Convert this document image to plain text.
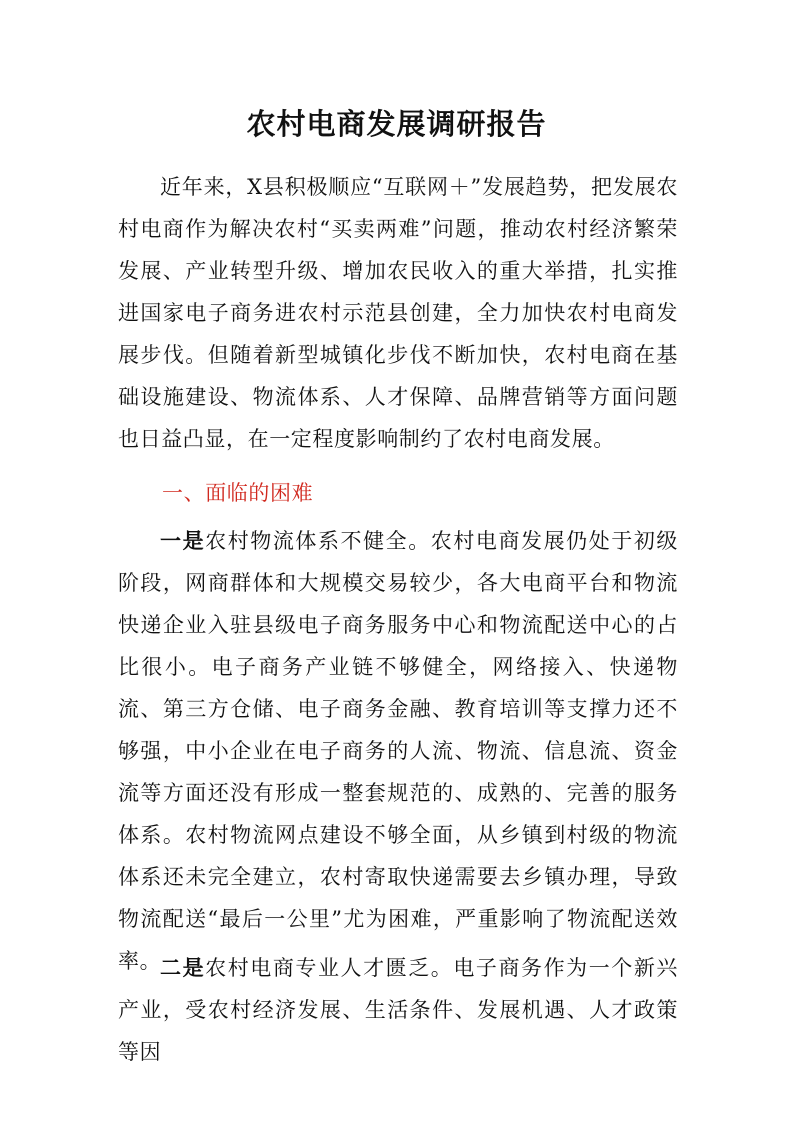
农村电商发展调研报告

近年来，X县积极顺应“互联网＋”发展趋势，把发展农村电商作为解决农村“买卖两难”问题，推动农村经济繁荣发展、产业转型升级、增加农民收入的重大举措，扎实推进国家电子商务进农村示范县创建，全力加快农村电商发展步伐。但随着新型城镇化步伐不断加快，农村电商在基础设施建设、物流体系、人才保障、品牌营销等方面问题也日益凸显，在一定程度影响制约了农村电商发展。

一、面临的困难

一是农村物流体系不健全。农村电商发展仍处于初级阶段，网商群体和大规模交易较少，各大电商平台和物流快递企业入驻县级电子商务服务中心和物流配送中心的占比很小。电子商务产业链不够健全，网络接入、快递物流、第三方仓储、电子商务金融、教育培训等支撑力还不够强，中小企业在电子商务的人流、物流、信息流、资金流等方面还没有形成一整套规范的、成熟的、完善的服务体系。农村物流网点建设不够全面，从乡镇到村级的物流体系还未完全建立，农村寄取快递需要去乡镇办理，导致物流配送“最后一公里”尤为困难，严重影响了物流配送效率。

二是农村电商专业人才匮乏。电子商务作为一个新兴产业，受农村经济发展、生活条件、发展机遇、人才政策等因
